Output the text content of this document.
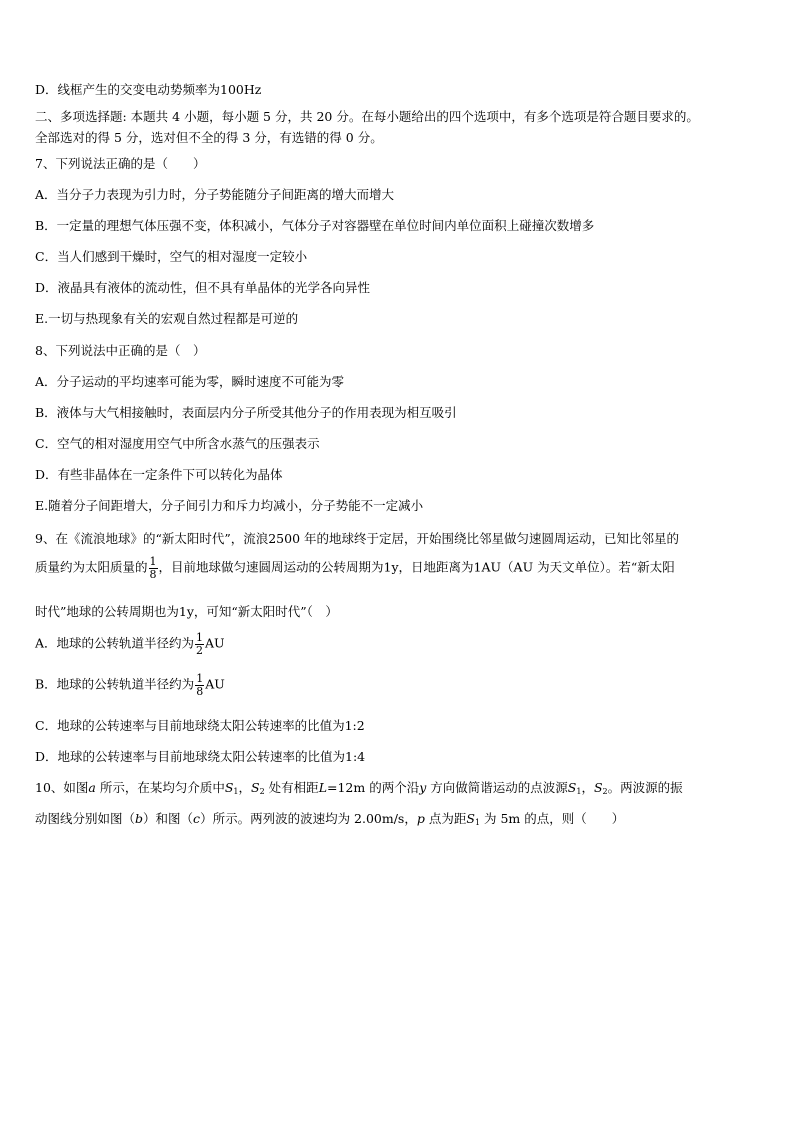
D．线框产生的交变电动势频率为100Hz
二、多项选择题: 本题共 4 小题，每小题 5 分，共 20 分。在每小题给出的四个选项中，有多个选项是符合题目要求的。
全部选对的得 5 分，选对但不全的得 3 分，有选错的得 0 分。
7、下列说法正确的是（　　）
A．当分子力表现为引力时，分子势能随分子间距离的增大而增大
B．一定量的理想气体压强不变，体积减小，气体分子对容器壁在单位时间内单位面积上碰撞次数增多
C．当人们感到干燥时，空气的相对湿度一定较小
D．液晶具有液体的流动性，但不具有单晶体的光学各向异性
E.一切与热现象有关的宏观自然过程都是可逆的
8、下列说法中正确的是（　）
A．分子运动的平均速率可能为零，瞬时速度不可能为零
B．液体与大气相接触时，表面层内分子所受其他分子的作用表现为相互吸引
C．空气的相对湿度用空气中所含水蒸气的压强表示
D．有些非晶体在一定条件下可以转化为晶体
E.随着分子间距增大，分子间引力和斥力均减小，分子势能不一定减小
9、在《流浪地球》的“新太阳时代”，流浪2500 年的地球终于定居，开始围绕比邻星做匀速圆周运动，已知比邻星的
质量约为太阳质量的 $\frac{1}{8}$ ，目前地球做匀速圆周运动的公转周期为1y，日地距离为1AU（AU 为天文单位）。若“新太阳
时代”地球的公转周期也为1y，可知“新太阳时代”（　）
A．地球的公转轨道半径约为 $\frac{1}{2}$ AU
B．地球的公转轨道半径约为 $\frac{1}{8}$ AU
C．地球的公转速率与目前地球绕太阳公转速率的比值为1:2
D．地球的公转速率与目前地球绕太阳公转速率的比值为1:4
10、如图a 所示，在某均匀介质中$S_1$，$S_2$ 处有相距L=12m 的两个沿y 方向做简谐运动的点波源$S_1$，$S_2$。两波源的振
动图线分别如图（b）和图（c）所示。两列波的波速均为 2.00m/s，p 点为距$S_1$ 为 5m 的点，则（　　）
